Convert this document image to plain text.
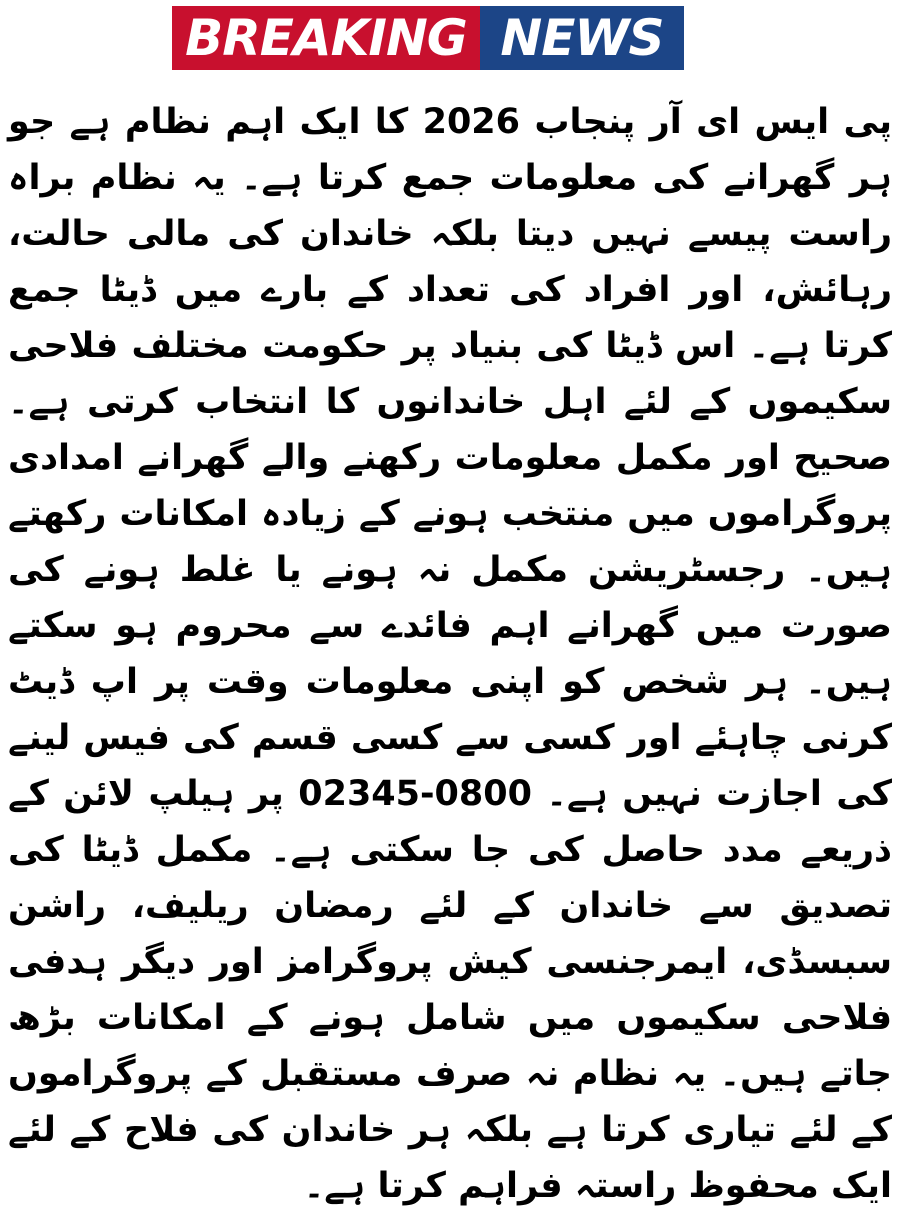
BREAKING NEWS

پی ایس ای آر پنجاب 2026 کا ایک اہم نظام ہے جو ہر گھرانے کی معلومات جمع کرتا ہے۔ یہ نظام براہ راست پیسے نہیں دیتا بلکہ خاندان کی مالی حالت، رہائش، اور افراد کی تعداد کے بارے میں ڈیٹا جمع کرتا ہے۔ اس ڈیٹا کی بنیاد پر حکومت مختلف فلاحی سکیموں کے لئے اہل خاندانوں کا انتخاب کرتی ہے۔ صحیح اور مکمل معلومات رکھنے والے گھرانے امدادی پروگراموں میں منتخب ہونے کے زیادہ امکانات رکھتے ہیں۔ رجسٹریشن مکمل نہ ہونے یا غلط ہونے کی صورت میں گھرانے اہم فائدے سے محروم ہو سکتے ہیں۔ ہر شخص کو اپنی معلومات وقت پر اپ ڈیٹ کرنی چاہئے اور کسی سے کسی قسم کی فیس لینے کی اجازت نہیں ہے۔ 0800-02345 پر ہیلپ لائن کے ذریعے مدد حاصل کی جا سکتی ہے۔ مکمل ڈیٹا کی تصدیق سے خاندان کے لئے رمضان ریلیف، راشن سبسڈی، ایمرجنسی کیش پروگرامز اور دیگر ہدفی فلاحی سکیموں میں شامل ہونے کے امکانات بڑھ جاتے ہیں۔ یہ نظام نہ صرف مستقبل کے پروگراموں کے لئے تیاری کرتا ہے بلکہ ہر خاندان کی فلاح کے لئے ایک محفوظ راستہ فراہم کرتا ہے۔
